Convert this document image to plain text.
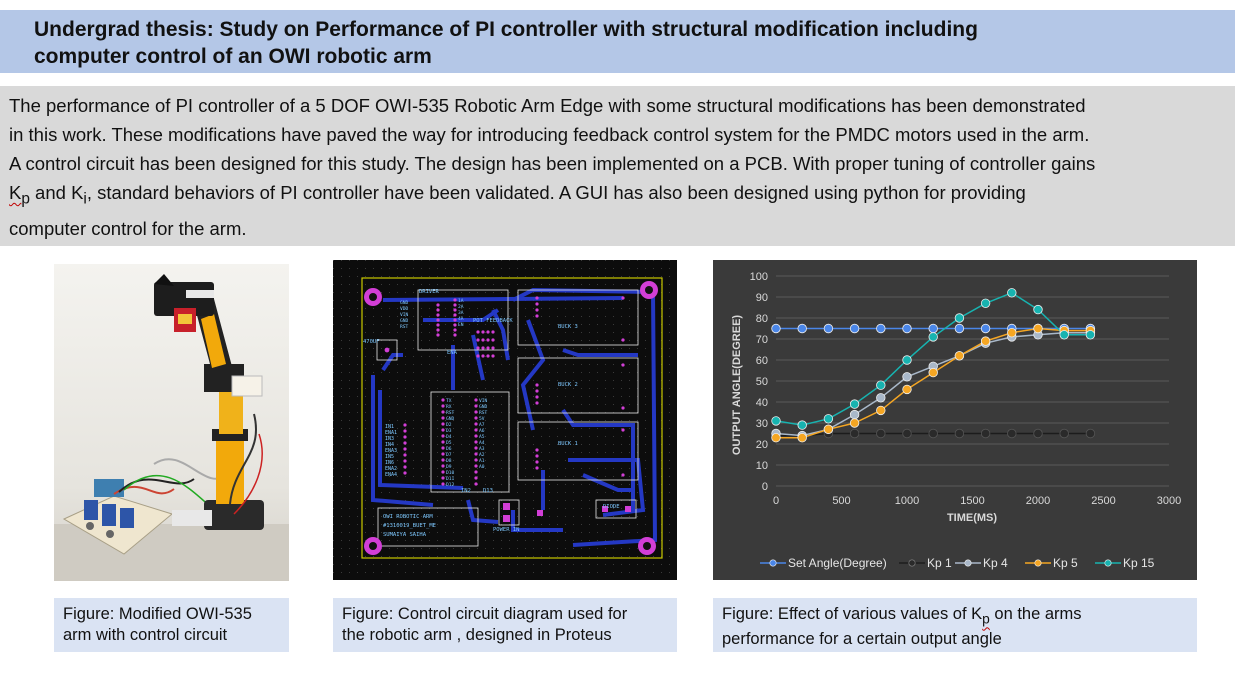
Undergrad thesis: Study on Performance of PI controller with structural modification including
computer control of an OWI robotic arm
The performance of PI controller of a 5 DOF OWI-535 Robotic Arm Edge with some structural modifications has been demonstrated
in this work. These modifications have paved the way for introducing feedback control system for the PMDC motors used in the arm.
A control circuit has been designed for this study. The design has been implemented on a PCB. With proper tuning of controller gains
$K_p$ and $K_i$, standard behaviors of PI controller have been validated. A GUI has also been designed using python for providing
computer control for the arm.
DRIVER
470UF
POT FEEDBACK
BUCK 3
BUCK 2
BUCK 1
DIODE
POWER IN
OWI ROBOTIC ARM
#1310019_BUET_ME
SUMAIYA SAIHA
D13
IN2
ENA
IN1
ENA1
IN3
IN4
ENA3
IN5
IN6
ENA2
ENA4
GND
VDD
VIN
GND
RST
TX
RX
RST
GND
D2
D3
D4
D5
D6
D7
D8
D9
D10
D11
D12
VIN
GND
RST
5V
A7
A6
A5
A4
A3
A2
A1
A0
1A
2A
3A
4A
EN
0
10
20
30
40
50
60
70
80
90
100
0	500	1000	1500	2000	2500	3000
TIME(MS)
OUTPUT ANGLE(DEGREE)
Set Angle(Degree)	Kp 1	Kp 4	Kp 5	Kp 15
Figure: Modified OWI-535
arm with control circuit
Figure: Control circuit diagram used for
the robotic arm , designed in Proteus
Figure: Effect of various values of $K_p$ on the arms
performance for a certain output angle
